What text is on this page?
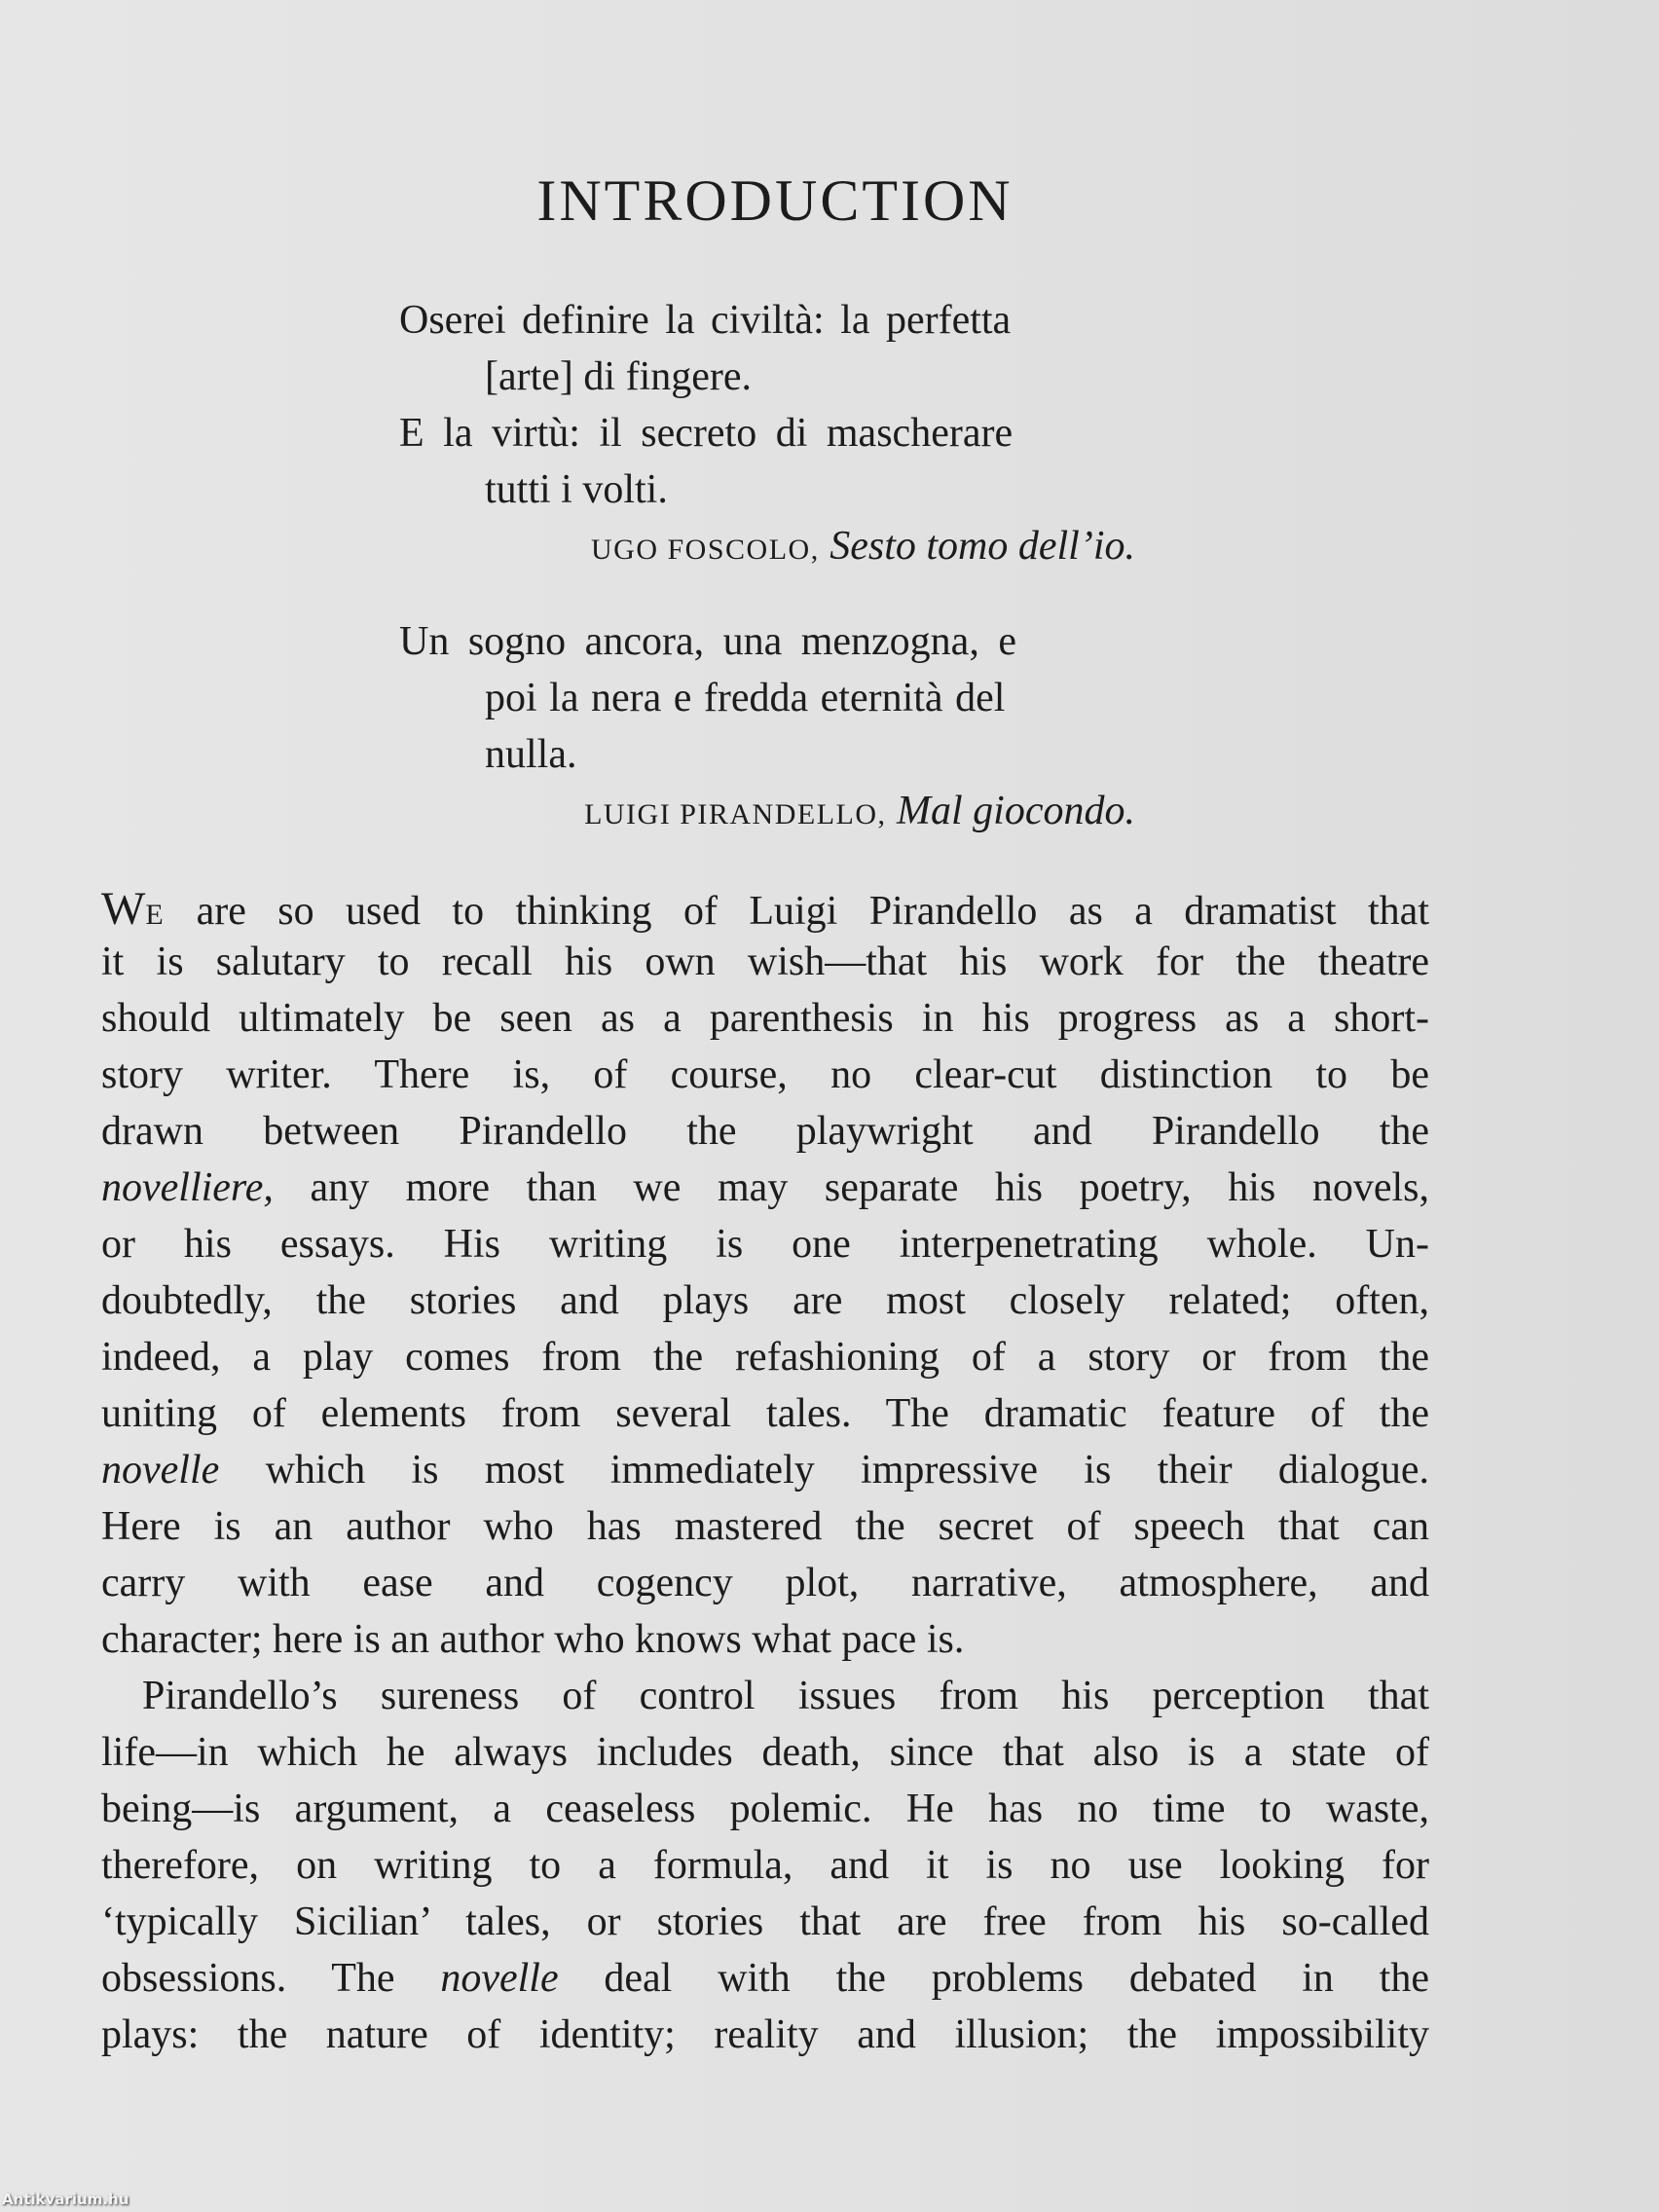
INTRODUCTION
Oserei definire la civiltà: la perfetta
[arte] di fingere.
E la virtù: il secreto di mascherare
tutti i volti.
UGO FOSCOLO, Sesto tomo dell’io.
Un sogno ancora, una menzogna, e
poi la nera e fredda eternità del
nulla.
LUIGI PIRANDELLO, Mal giocondo.
WE are so used to thinking of Luigi Pirandello as a dramatist that
it is salutary to recall his own wish—that his work for the theatre
should ultimately be seen as a parenthesis in his progress as a short-
story writer. There is, of course, no clear-cut distinction to be
drawn between Pirandello the playwright and Pirandello the
novelliere, any more than we may separate his poetry, his novels,
or his essays. His writing is one interpenetrating whole. Un-
doubtedly, the stories and plays are most closely related; often,
indeed, a play comes from the refashioning of a story or from the
uniting of elements from several tales. The dramatic feature of the
novelle which is most immediately impressive is their dialogue.
Here is an author who has mastered the secret of speech that can
carry with ease and cogency plot, narrative, atmosphere, and
character; here is an author who knows what pace is.
Pirandello’s sureness of control issues from his perception that
life—in which he always includes death, since that also is a state of
being—is argument, a ceaseless polemic. He has no time to waste,
therefore, on writing to a formula, and it is no use looking for
‘typically Sicilian’ tales, or stories that are free from his so-called
obsessions. The novelle deal with the problems debated in the
plays: the nature of identity; reality and illusion; the impossibility
Antikvarium.hu
